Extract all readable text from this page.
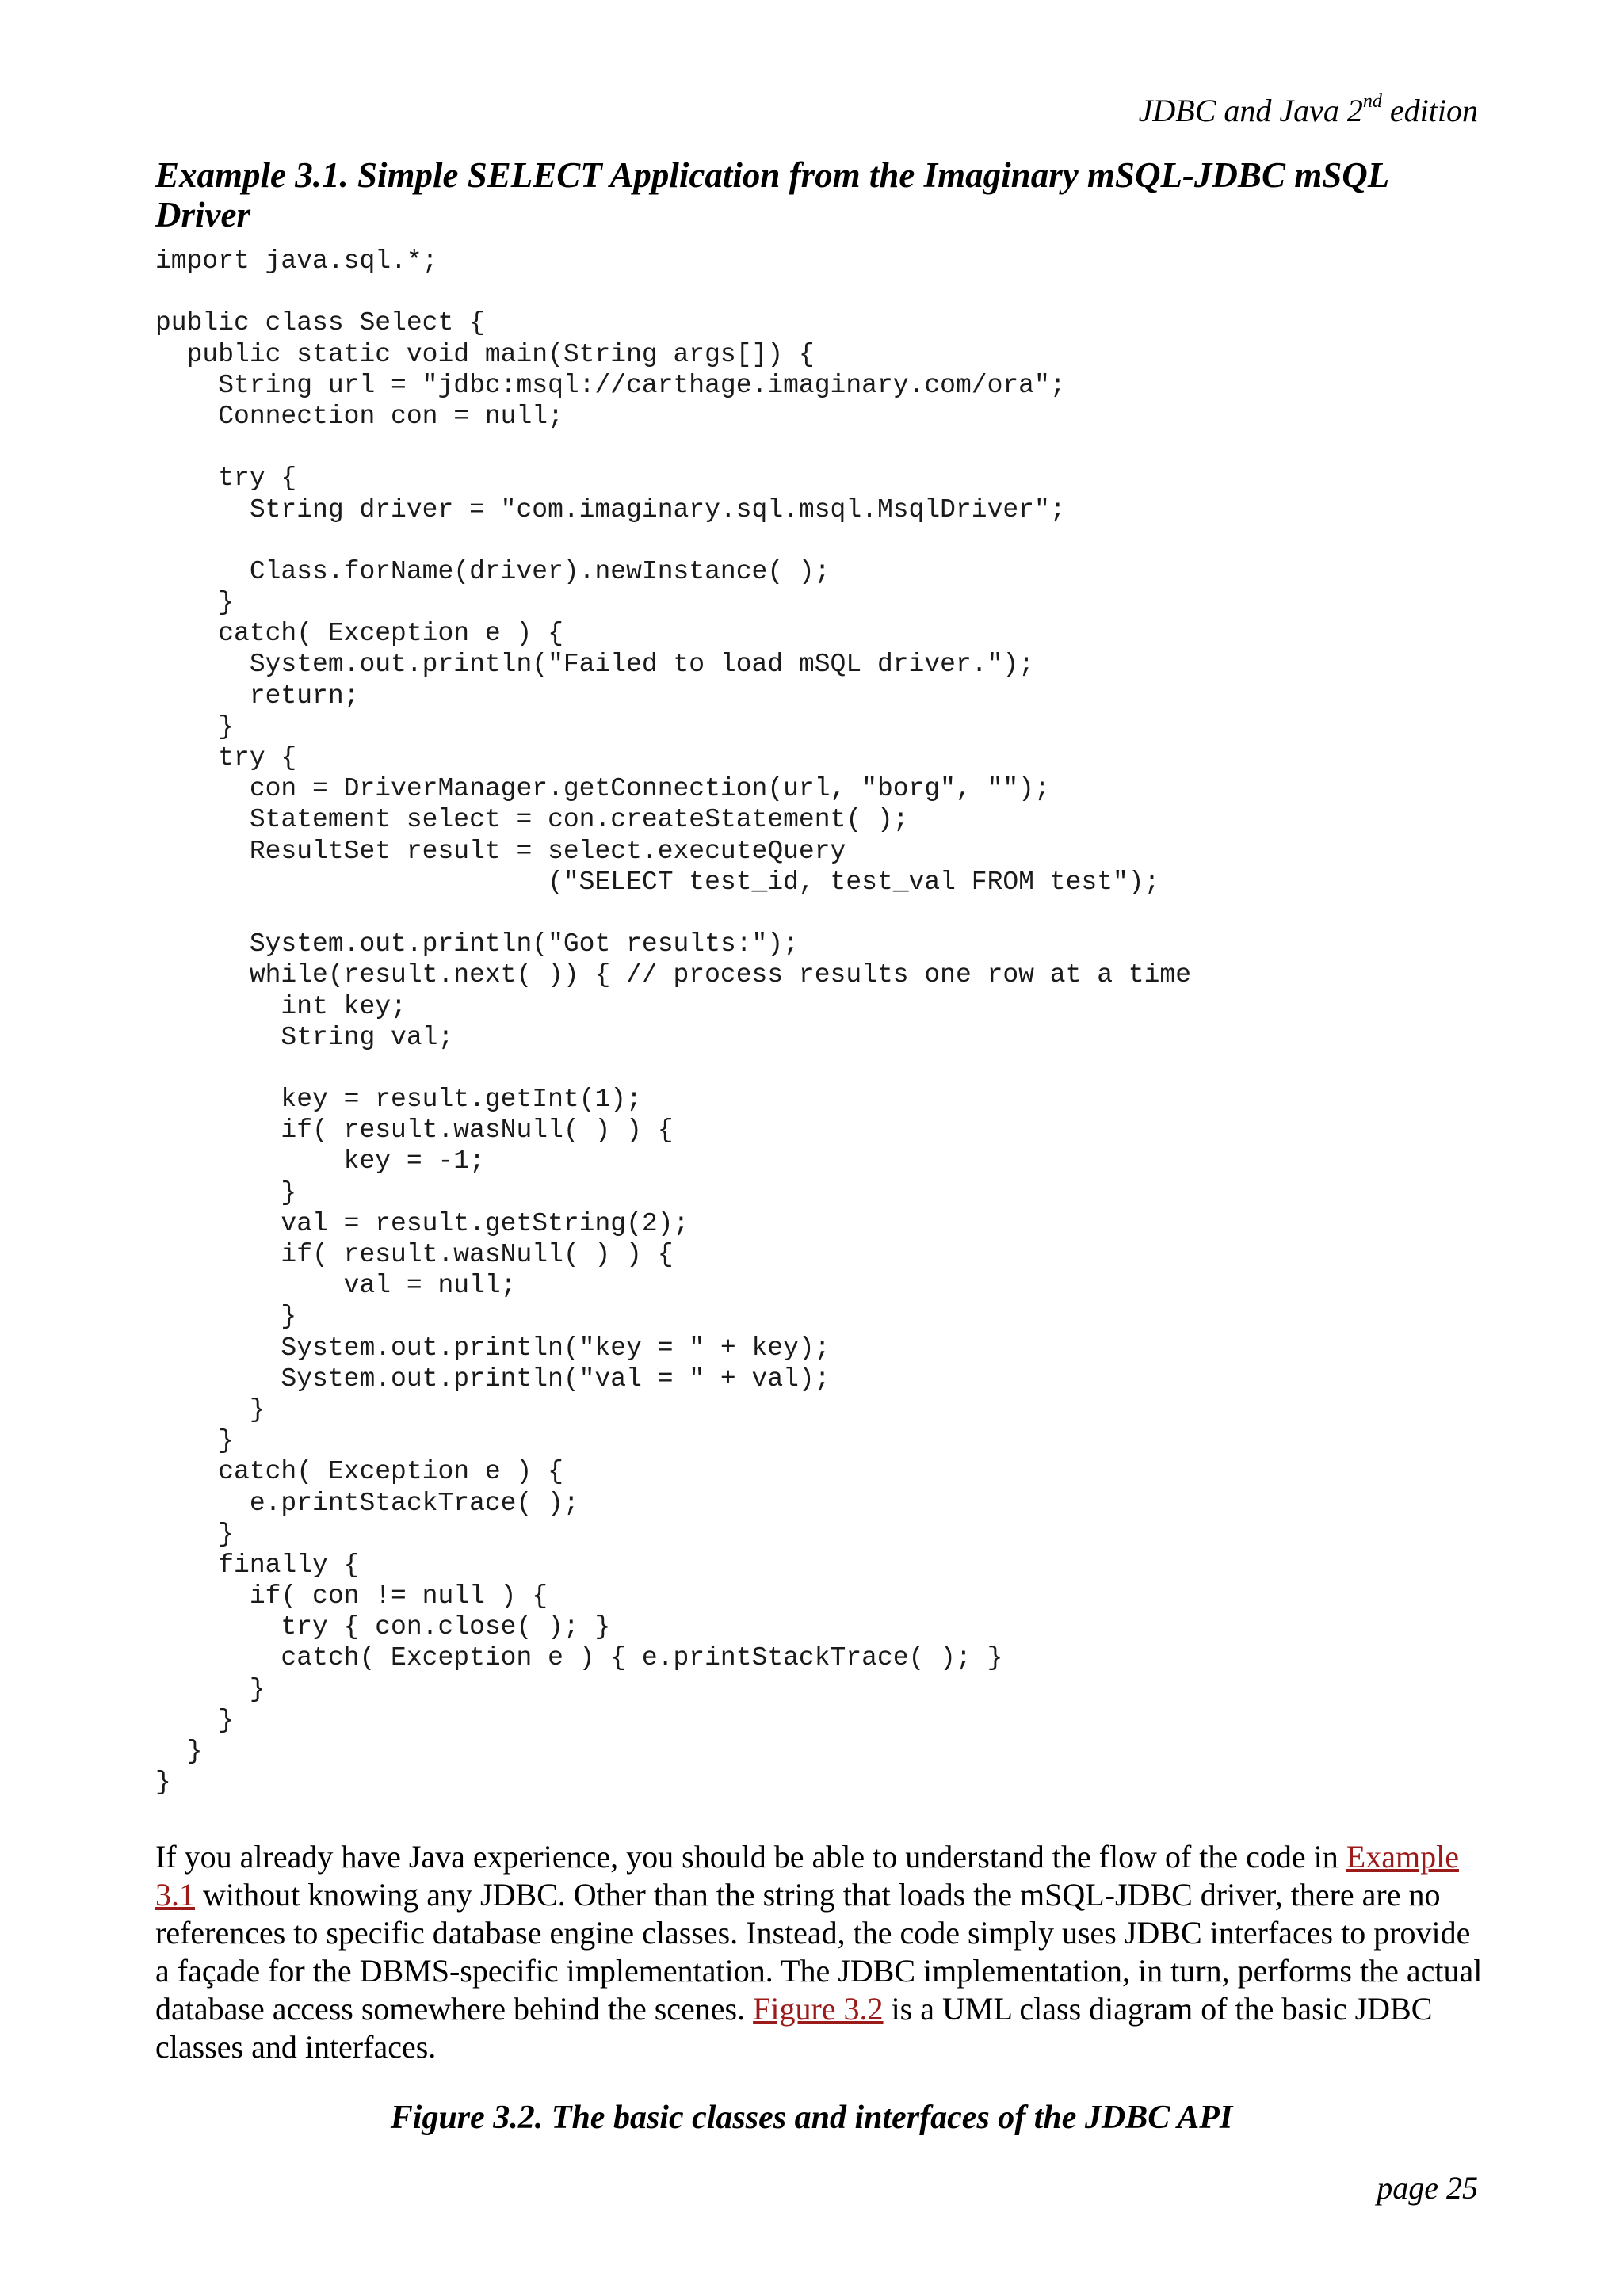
JDBC and Java 2nd edition
Example 3.1. Simple SELECT Application from the Imaginary mSQL-JDBC mSQL Driver
import java.sql.*;
public class Select {
public static void main(String args[]) {
String url = "jdbc:msql://carthage.imaginary.com/ora";
Connection con = null;
try {
String driver = "com.imaginary.sql.msql.MsqlDriver";
Class.forName(driver).newInstance( );
}
catch( Exception e ) {
System.out.println("Failed to load mSQL driver.");
return;
}
try {
con = DriverManager.getConnection(url, "borg", "");
Statement select = con.createStatement( );
ResultSet result = select.executeQuery
("SELECT test_id, test_val FROM test");
System.out.println("Got results:");
while(result.next( )) { // process results one row at a time
int key;
String val;
key = result.getInt(1);
if( result.wasNull( ) ) {
key = -1;
}
val = result.getString(2);
if( result.wasNull( ) ) {
val = null;
}
System.out.println("key = " + key);
System.out.println("val = " + val);
}
}
catch( Exception e ) {
e.printStackTrace( );
}
finally {
if( con != null ) {
try { con.close( ); }
catch( Exception e ) { e.printStackTrace( ); }
}
}
}
}

If you already have Java experience, you should be able to understand the flow of the code in Example 3.1 without knowing any JDBC. Other than the string that loads the mSQL-JDBC driver, there are no references to specific database engine classes. Instead, the code simply uses JDBC interfaces to provide a façade for the DBMS-specific implementation. The JDBC implementation, in turn, performs the actual database access somewhere behind the scenes. Figure 3.2 is a UML class diagram of the basic JDBC classes and interfaces.

Figure 3.2. The basic classes and interfaces of the JDBC API
page 25
